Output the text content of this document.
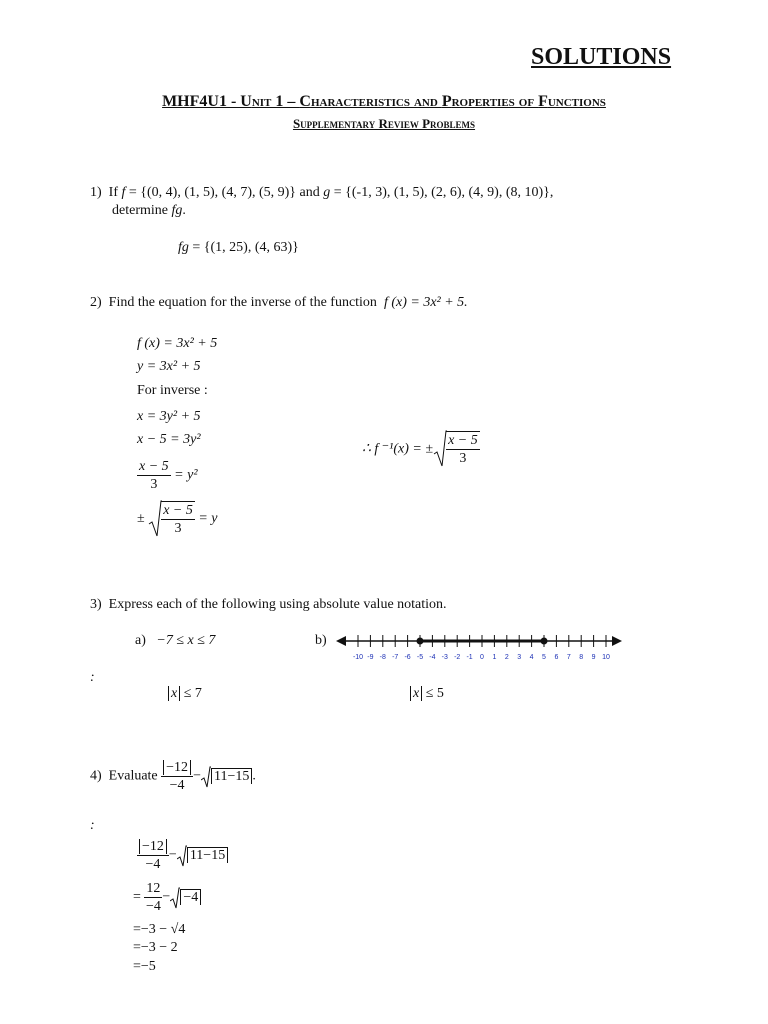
SOLUTIONS
MHF4U1 - Unit 1 – Characteristics and Properties of Functions
Supplementary Review Problems
1) If f = {(0, 4), (1, 5), (4, 7), (5, 9)} and g = {(-1, 3), (1, 5), (2, 6), (4, 9), (8, 10)},
determine fg.
fg = {(1, 25), (4, 63)}
2) Find the equation for the inverse of the function f (x) = 3x² + 5.
f (x) = 3x² + 5
y = 3x² + 5
For inverse :
x = 3y² + 5
x − 5 = 3y²
$\frac{x - 5}{3} = y^2$
± $\frac{x - 5}{3} = y$
∴ f ⁻¹(x) = ± $\frac{x - 5}{3}$
3) Express each of the following using absolute value notation.
a) −7 ≤ x ≤ 7	b)
-10 -9 -8 -7 -6 -5 -4 -3 -2 -1 0 1 2 3 4 5 6 7 8 9 10
:
x ≤ 7	x ≤ 5
4) Evaluate $\frac{-12}{-4} - 11-15$ .
:
$\frac{-12}{-4} - 11-15$
= $\frac{12}{-4} - -4$
=−3 − √4
=−3 − 2
=−5
